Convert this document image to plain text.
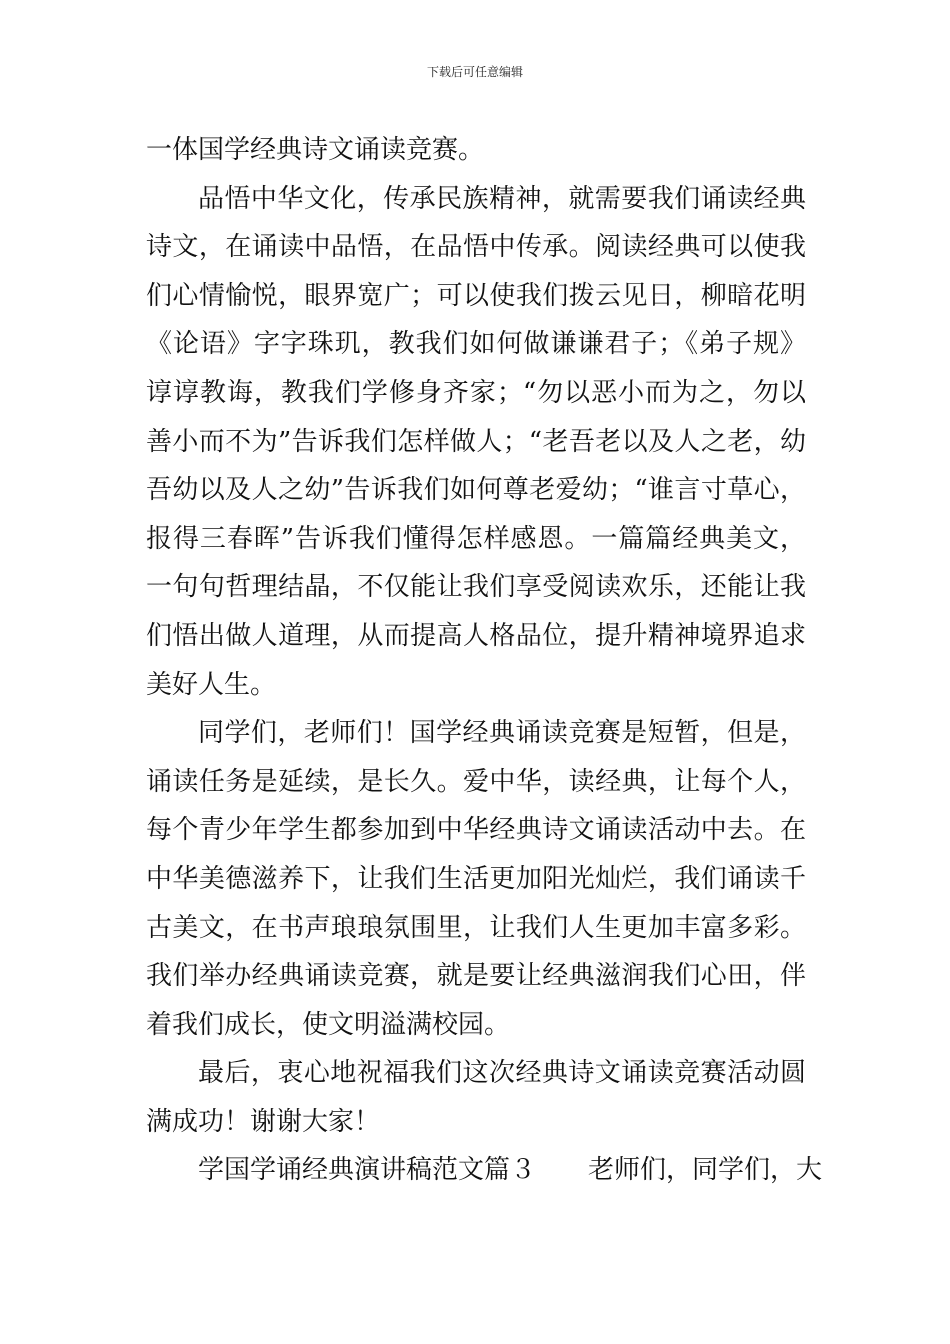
下载后可任意编辑

一体国学经典诗文诵读竞赛。

品悟中华文化，传承民族精神，就需要我们诵读经典诗文，在诵读中品悟，在品悟中传承。阅读经典可以使我们心情愉悦，眼界宽广；可以使我们拨云见日，柳暗花明《论语》字字珠玑，教我们如何做谦谦君子；《弟子规》谆谆教诲，教我们学修身齐家；“勿以恶小而为之，勿以善小而不为”告诉我们怎样做人；“老吾老以及人之老，幼吾幼以及人之幼”告诉我们如何尊老爱幼；“谁言寸草心，报得三春晖”告诉我们懂得怎样感恩。一篇篇经典美文，一句句哲理结晶，不仅能让我们享受阅读欢乐，还能让我们悟出做人道理，从而提高人格品位，提升精神境界追求美好人生。

同学们，老师们！国学经典诵读竞赛是短暂，但是，诵读任务是延续，是长久。爱中华，读经典，让每个人，每个青少年学生都参加到中华经典诗文诵读活动中去。在中华美德滋养下，让我们生活更加阳光灿烂，我们诵读千古美文，在书声琅琅氛围里，让我们人生更加丰富多彩。我们举办经典诵读竞赛，就是要让经典滋润我们心田，伴着我们成长，使文明溢满校园。

最后，衷心地祝福我们这次经典诗文诵读竞赛活动圆满成功！谢谢大家！

学国学诵经典演讲稿范文篇３　　老师们，同学们，大
